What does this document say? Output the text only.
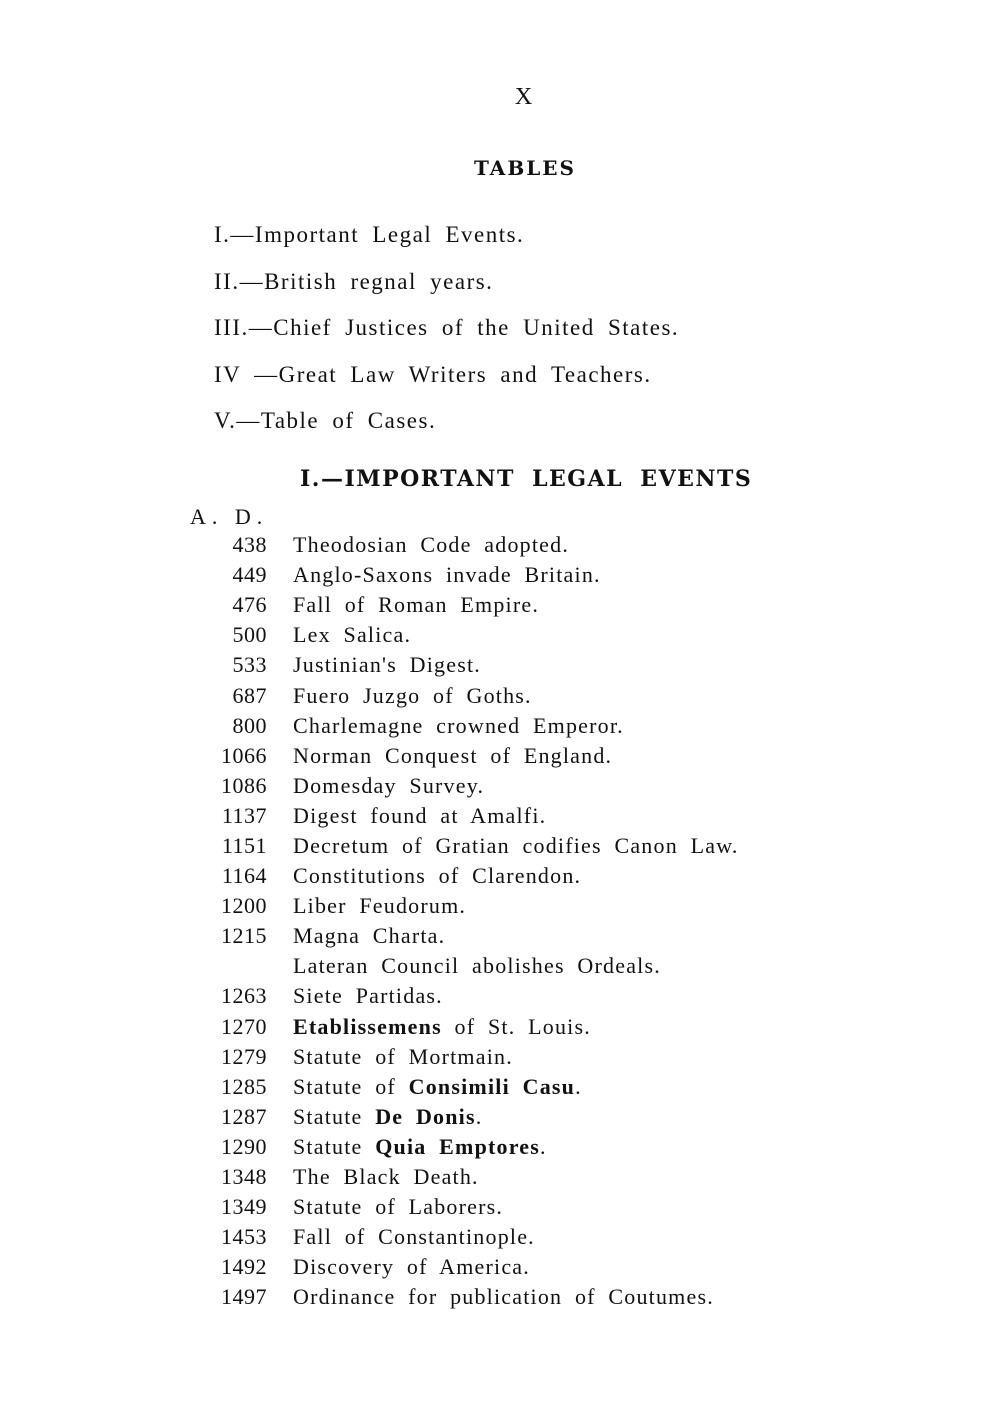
X
TABLES
I.—Important Legal Events.
II.—British regnal years.
III.—Chief Justices of the United States.
IV —Great Law Writers and Teachers.
V.—Table of Cases.
I.—IMPORTANT LEGAL EVENTS
A. D.
438 Theodosian Code adopted.
449 Anglo-Saxons invade Britain.
476 Fall of Roman Empire.
500 Lex Salica.
533 Justinian's Digest.
687 Fuero Juzgo of Goths.
800 Charlemagne crowned Emperor.
1066 Norman Conquest of England.
1086 Domesday Survey.
1137 Digest found at Amalfi.
1151 Decretum of Gratian codifies Canon Law.
1164 Constitutions of Clarendon.
1200 Liber Feudorum.
1215 Magna Charta.
Lateran Council abolishes Ordeals.
1263 Siete Partidas.
1270 Etablissemens of St. Louis.
1279 Statute of Mortmain.
1285 Statute of Consimili Casu.
1287 Statute De Donis.
1290 Statute Quia Emptores.
1348 The Black Death.
1349 Statute of Laborers.
1453 Fall of Constantinople.
1492 Discovery of America.
1497 Ordinance for publication of Coutumes.
